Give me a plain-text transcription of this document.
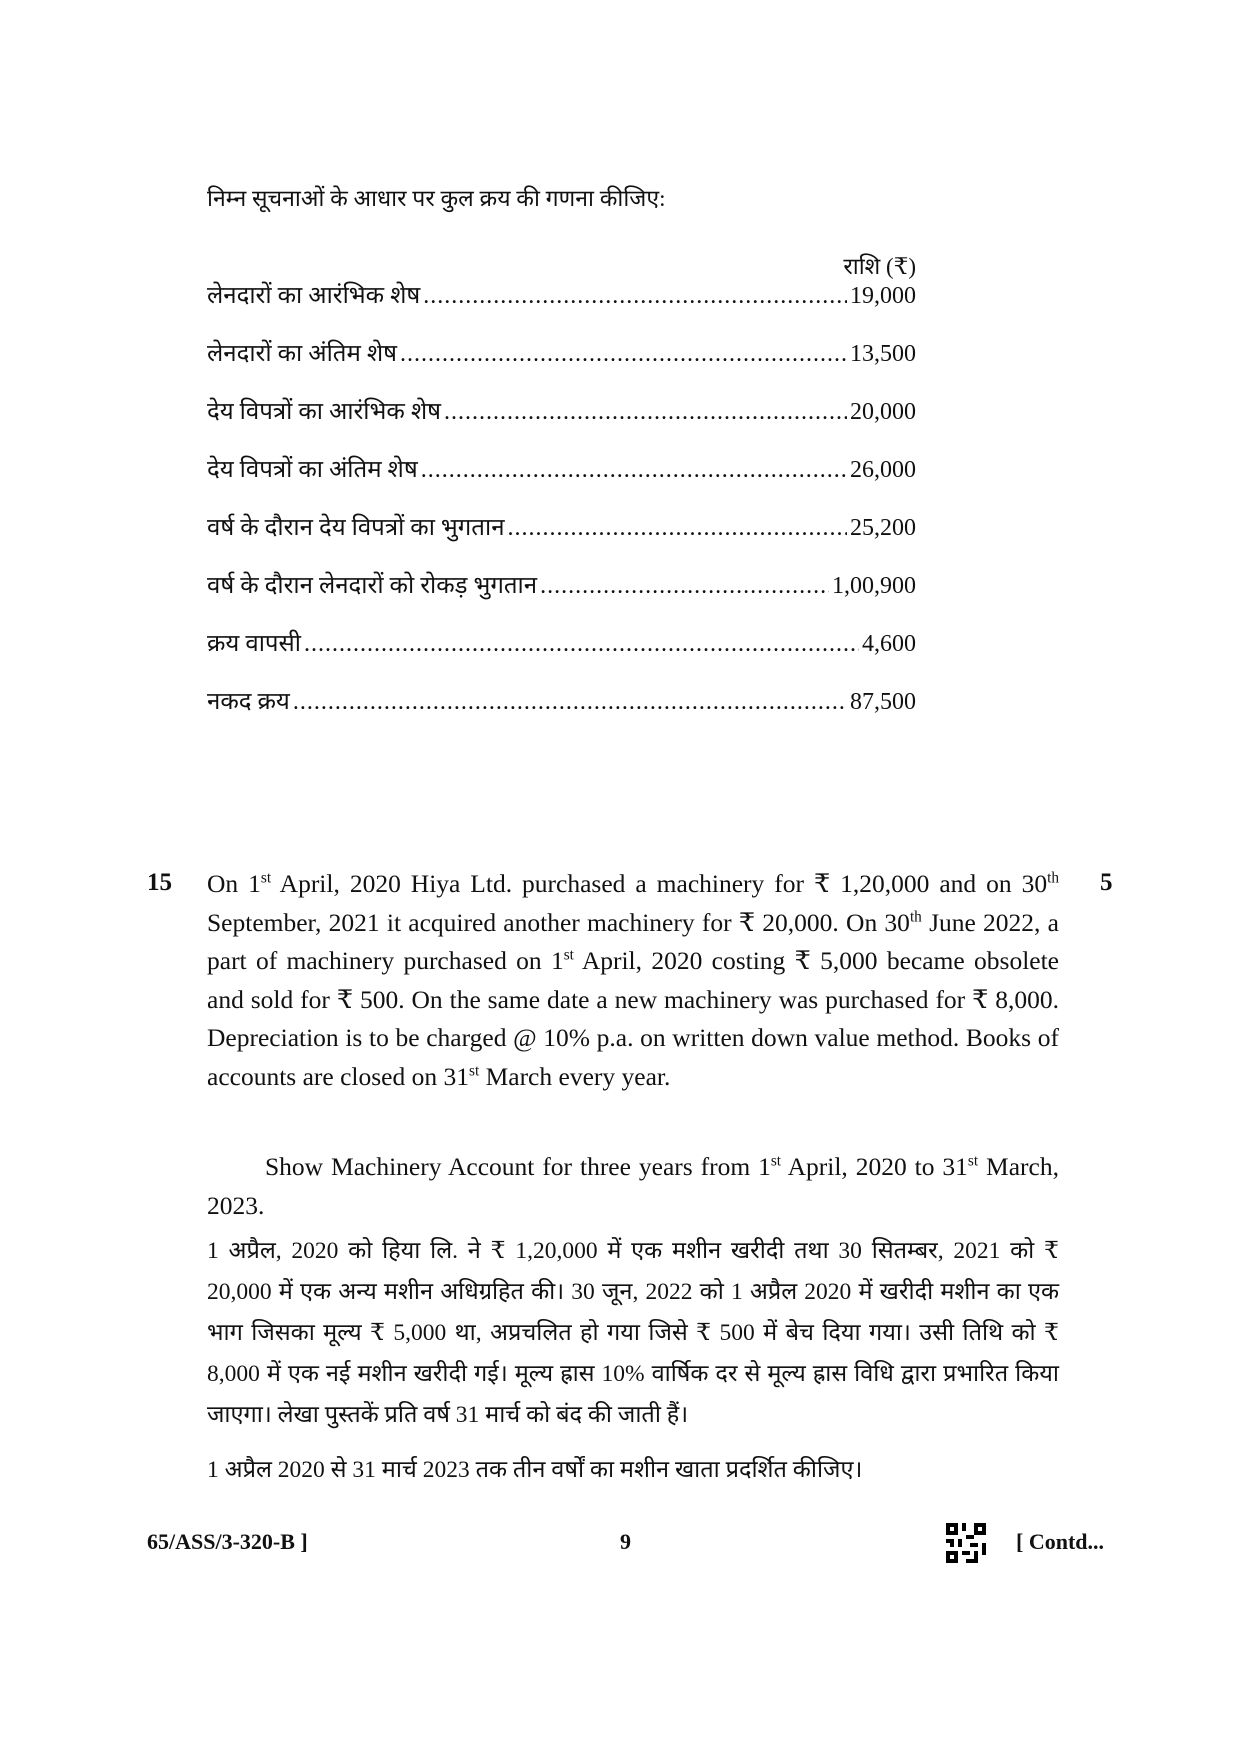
निम्न सूचनाओं के आधार पर कुल क्रय की गणना कीजिए:
राशि (₹)
लेनदारों का आरंभिक शेष .....	19,000
लेनदारों का अंतिम शेष .....	13,500
देय विपत्रों का आरंभिक शेष .....	20,000
देय विपत्रों का अंतिम शेष .....	26,000
वर्ष के दौरान देय विपत्रों का भुगतान .....	25,200
वर्ष के दौरान लेनदारों को रोकड़ भुगतान .....	1,00,900
क्रय वापसी .....	4,600
नकद क्रय .....	87,500
15	5
On 1st April, 2020 Hiya Ltd. purchased a machinery for ₹ 1,20,000 and on 30th September, 2021 it acquired another machinery for ₹ 20,000. On 30th June 2022, a part of machinery purchased on 1st April, 2020 costing ₹ 5,000 became obsolete and sold for ₹ 500. On the same date a new machinery was purchased for ₹ 8,000. Depreciation is to be charged @ 10% p.a. on written down value method. Books of accounts are closed on 31st March every year.
Show Machinery Account for three years from 1st April, 2020 to 31st March, 2023.
1 अप्रैल, 2020 को हिया लि. ने ₹ 1,20,000 में एक मशीन खरीदी तथा 30 सितम्बर, 2021 को ₹ 20,000 में एक अन्य मशीन अधिग्रहित की। 30 जून, 2022 को 1 अप्रैल 2020 में खरीदी मशीन का एक भाग जिसका मूल्य ₹ 5,000 था, अप्रचलित हो गया जिसे ₹ 500 में बेच दिया गया। उसी तिथि को ₹ 8,000 में एक नई मशीन खरीदी गई। मूल्य ह्रास 10% वार्षिक दर से मूल्य ह्रास विधि द्वारा प्रभारित किया जाएगा। लेखा पुस्तकें प्रति वर्ष 31 मार्च को बंद की जाती हैं।
1 अप्रैल 2020 से 31 मार्च 2023 तक तीन वर्षों का मशीन खाता प्रदर्शित कीजिए।
65/ASS/3-320-B ]	9	[ Contd...
